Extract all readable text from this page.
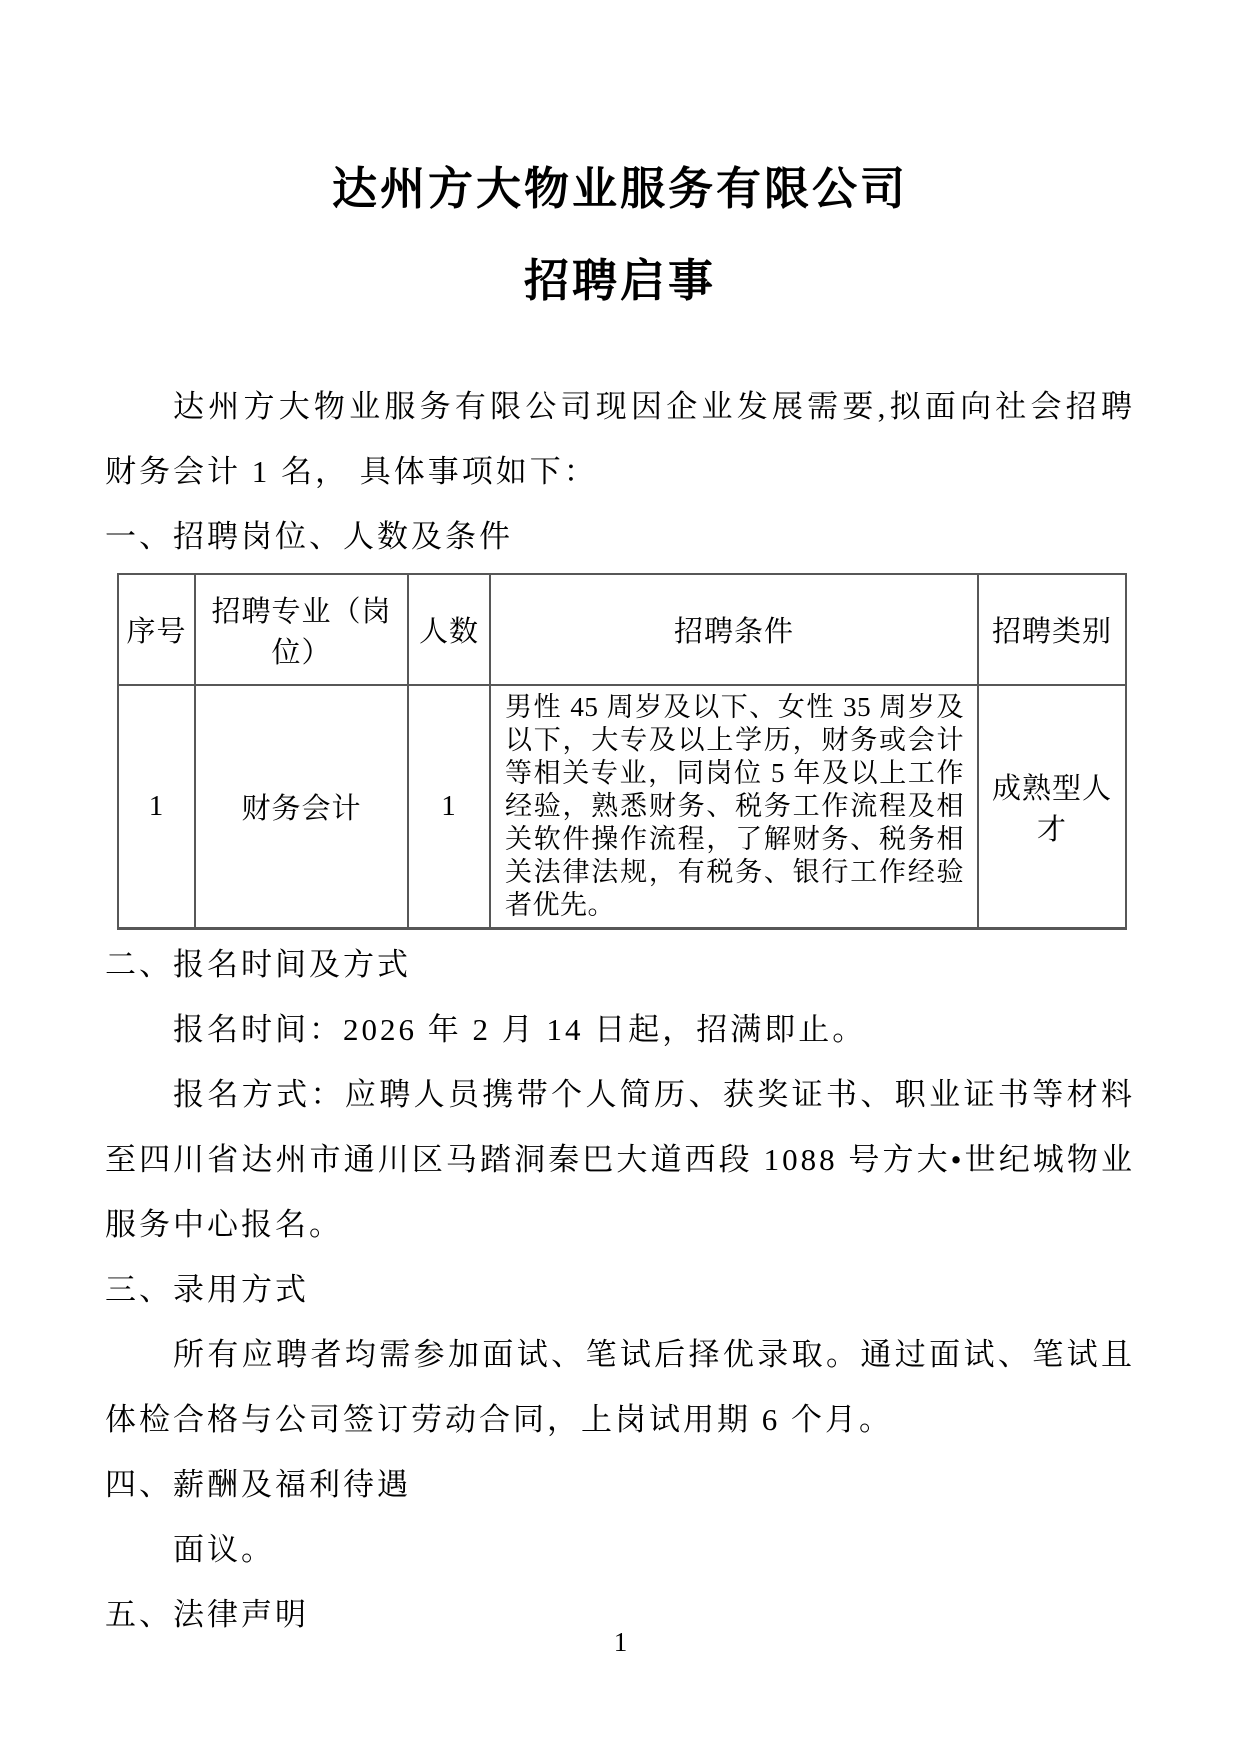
达州方大物业服务有限公司
招聘启事

达州方大物业服务有限公司现因企业发展需要,拟面向社会招聘财务会计 1 名， 具体事项如下：

一、招聘岗位、人数及条件
序号	招聘专业（岗位）	人数	招聘条件	招聘类别
1	财务会计	1	男性 45 周岁及以下、女性 35 周岁及以下，大专及以上学历，财务或会计等相关专业，同岗位 5 年及以上工作经验，熟悉财务、税务工作流程及相关软件操作流程，了解财务、税务相关法律法规，有税务、银行工作经验者优先。	成熟型人才
二、报名时间及方式

报名时间：2026 年 2 月 14 日起，招满即止。

报名方式：应聘人员携带个人简历、获奖证书、职业证书等材料至四川省达州市通川区马踏洞秦巴大道西段 1088 号方大•世纪城物业服务中心报名。

三、录用方式

所有应聘者均需参加面试、笔试后择优录取。通过面试、笔试且体检合格与公司签订劳动合同，上岗试用期 6 个月。

四、薪酬及福利待遇

面议。

五、法律声明
1
